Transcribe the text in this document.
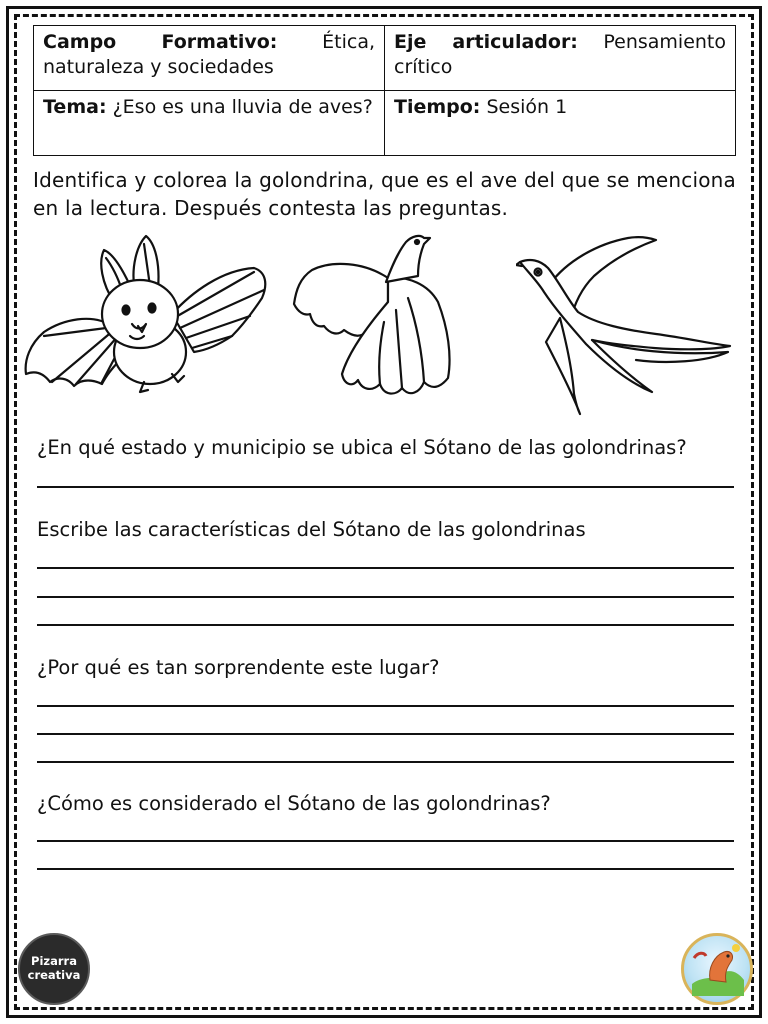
Campo Formativo: Ética, naturaleza y sociedades	Eje articulador: Pensamiento crítico
Tema: ¿Eso es una lluvia de aves?	Tiempo: Sesión 1
Identifica y colorea la golondrina, que es el ave del que se menciona en la lectura. Después contesta las preguntas.
¿En qué estado y municipio se ubica el Sótano de las golondrinas?
Escribe las características del Sótano de las golondrinas
¿Por qué es tan sorprendente este lugar?
¿Cómo es considerado el Sótano de las golondrinas?
Pizarra
creativa
